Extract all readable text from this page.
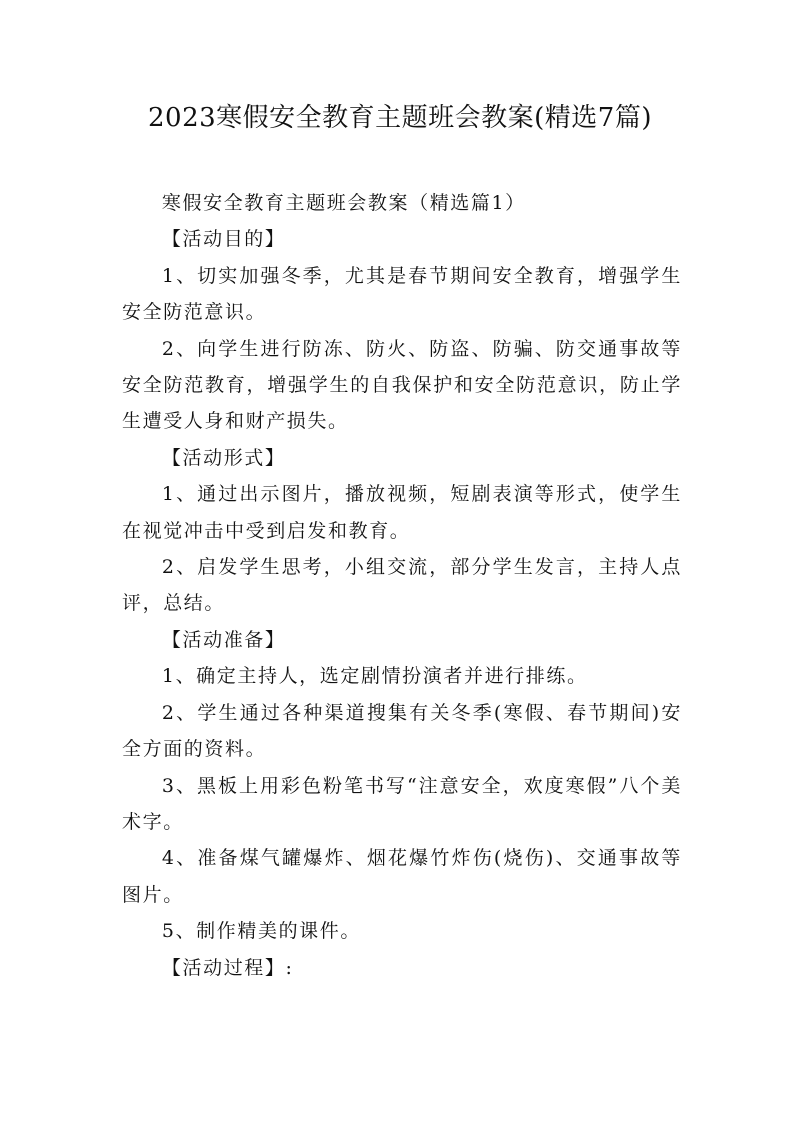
2023寒假安全教育主题班会教案(精选7篇)

寒假安全教育主题班会教案（精选篇1）

【活动目的】

1、切实加强冬季，尤其是春节期间安全教育，增强学生安全防范意识。

2、向学生进行防冻、防火、防盗、防骗、防交通事故等安全防范教育，增强学生的自我保护和安全防范意识，防止学生遭受人身和财产损失。

【活动形式】

1、通过出示图片，播放视频，短剧表演等形式，使学生在视觉冲击中受到启发和教育。

2、启发学生思考，小组交流，部分学生发言，主持人点评，总结。

【活动准备】

1、确定主持人，选定剧情扮演者并进行排练。

2、学生通过各种渠道搜集有关冬季(寒假、春节期间)安全方面的资料。

3、黑板上用彩色粉笔书写“注意安全，欢度寒假”八个美术字。

4、准备煤气罐爆炸、烟花爆竹炸伤(烧伤)、交通事故等图片。

5、制作精美的课件。

【活动过程】:
